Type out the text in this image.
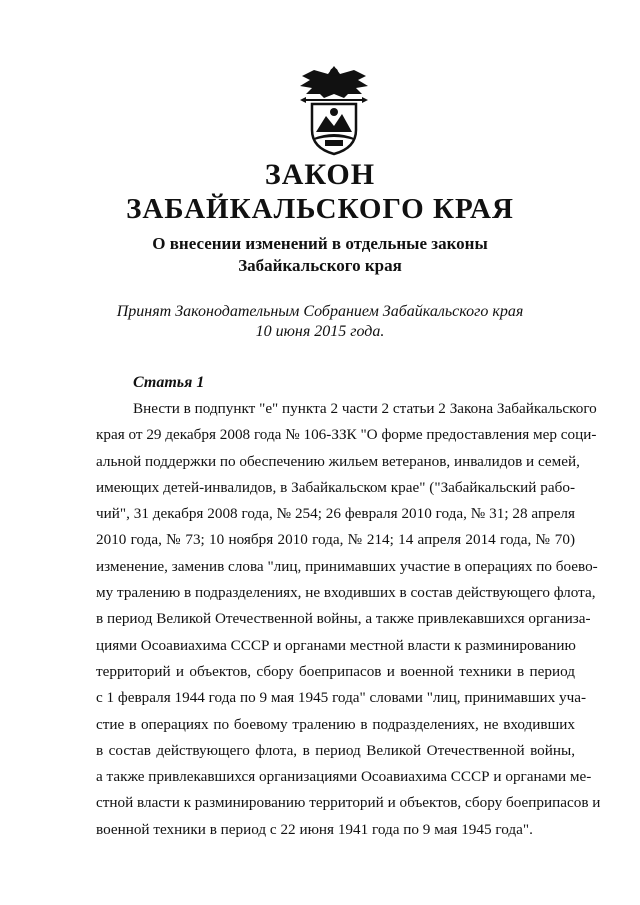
ЗАКОН
ЗАБАЙКАЛЬСКОГО КРАЯ
О внесении изменений в отдельные законы
Забайкальского края
Принят Законодательным Собранием Забайкальского края
10 июня 2015 года.
Статья 1
Внести в подпункт "е" пункта 2 части 2 статьи 2 Закона Забайкальского
края от 29 декабря 2008 года № 106-ЗЗК "О форме предоставления мер соци-
альной поддержки по обеспечению жильем ветеранов, инвалидов и семей,
имеющих детей-инвалидов, в Забайкальском крае" ("Забайкальский рабо-
чий", 31 декабря 2008 года, № 254; 26 февраля 2010 года, № 31; 28 апреля
2010 года, № 73; 10 ноября 2010 года, № 214; 14 апреля 2014 года, № 70)
изменение, заменив слова "лиц, принимавших участие в операциях по боево-
му тралению в подразделениях, не входивших в состав действующего флота,
в период Великой Отечественной войны, а также привлекавшихся организа-
циями Осоавиахима СССР и органами местной власти к разминированию
территорий и объектов, сбору боеприпасов и военной техники в период
с 1 февраля 1944 года по 9 мая 1945 года" словами "лиц, принимавших уча-
стие в операциях по боевому тралению в подразделениях, не входивших
в состав действующего флота, в период Великой Отечественной войны,
а также привлекавшихся организациями Осоавиахима СССР и органами ме-
стной власти к разминированию территорий и объектов, сбору боеприпасов и
военной техники в период с 22 июня 1941 года по 9 мая 1945 года".
